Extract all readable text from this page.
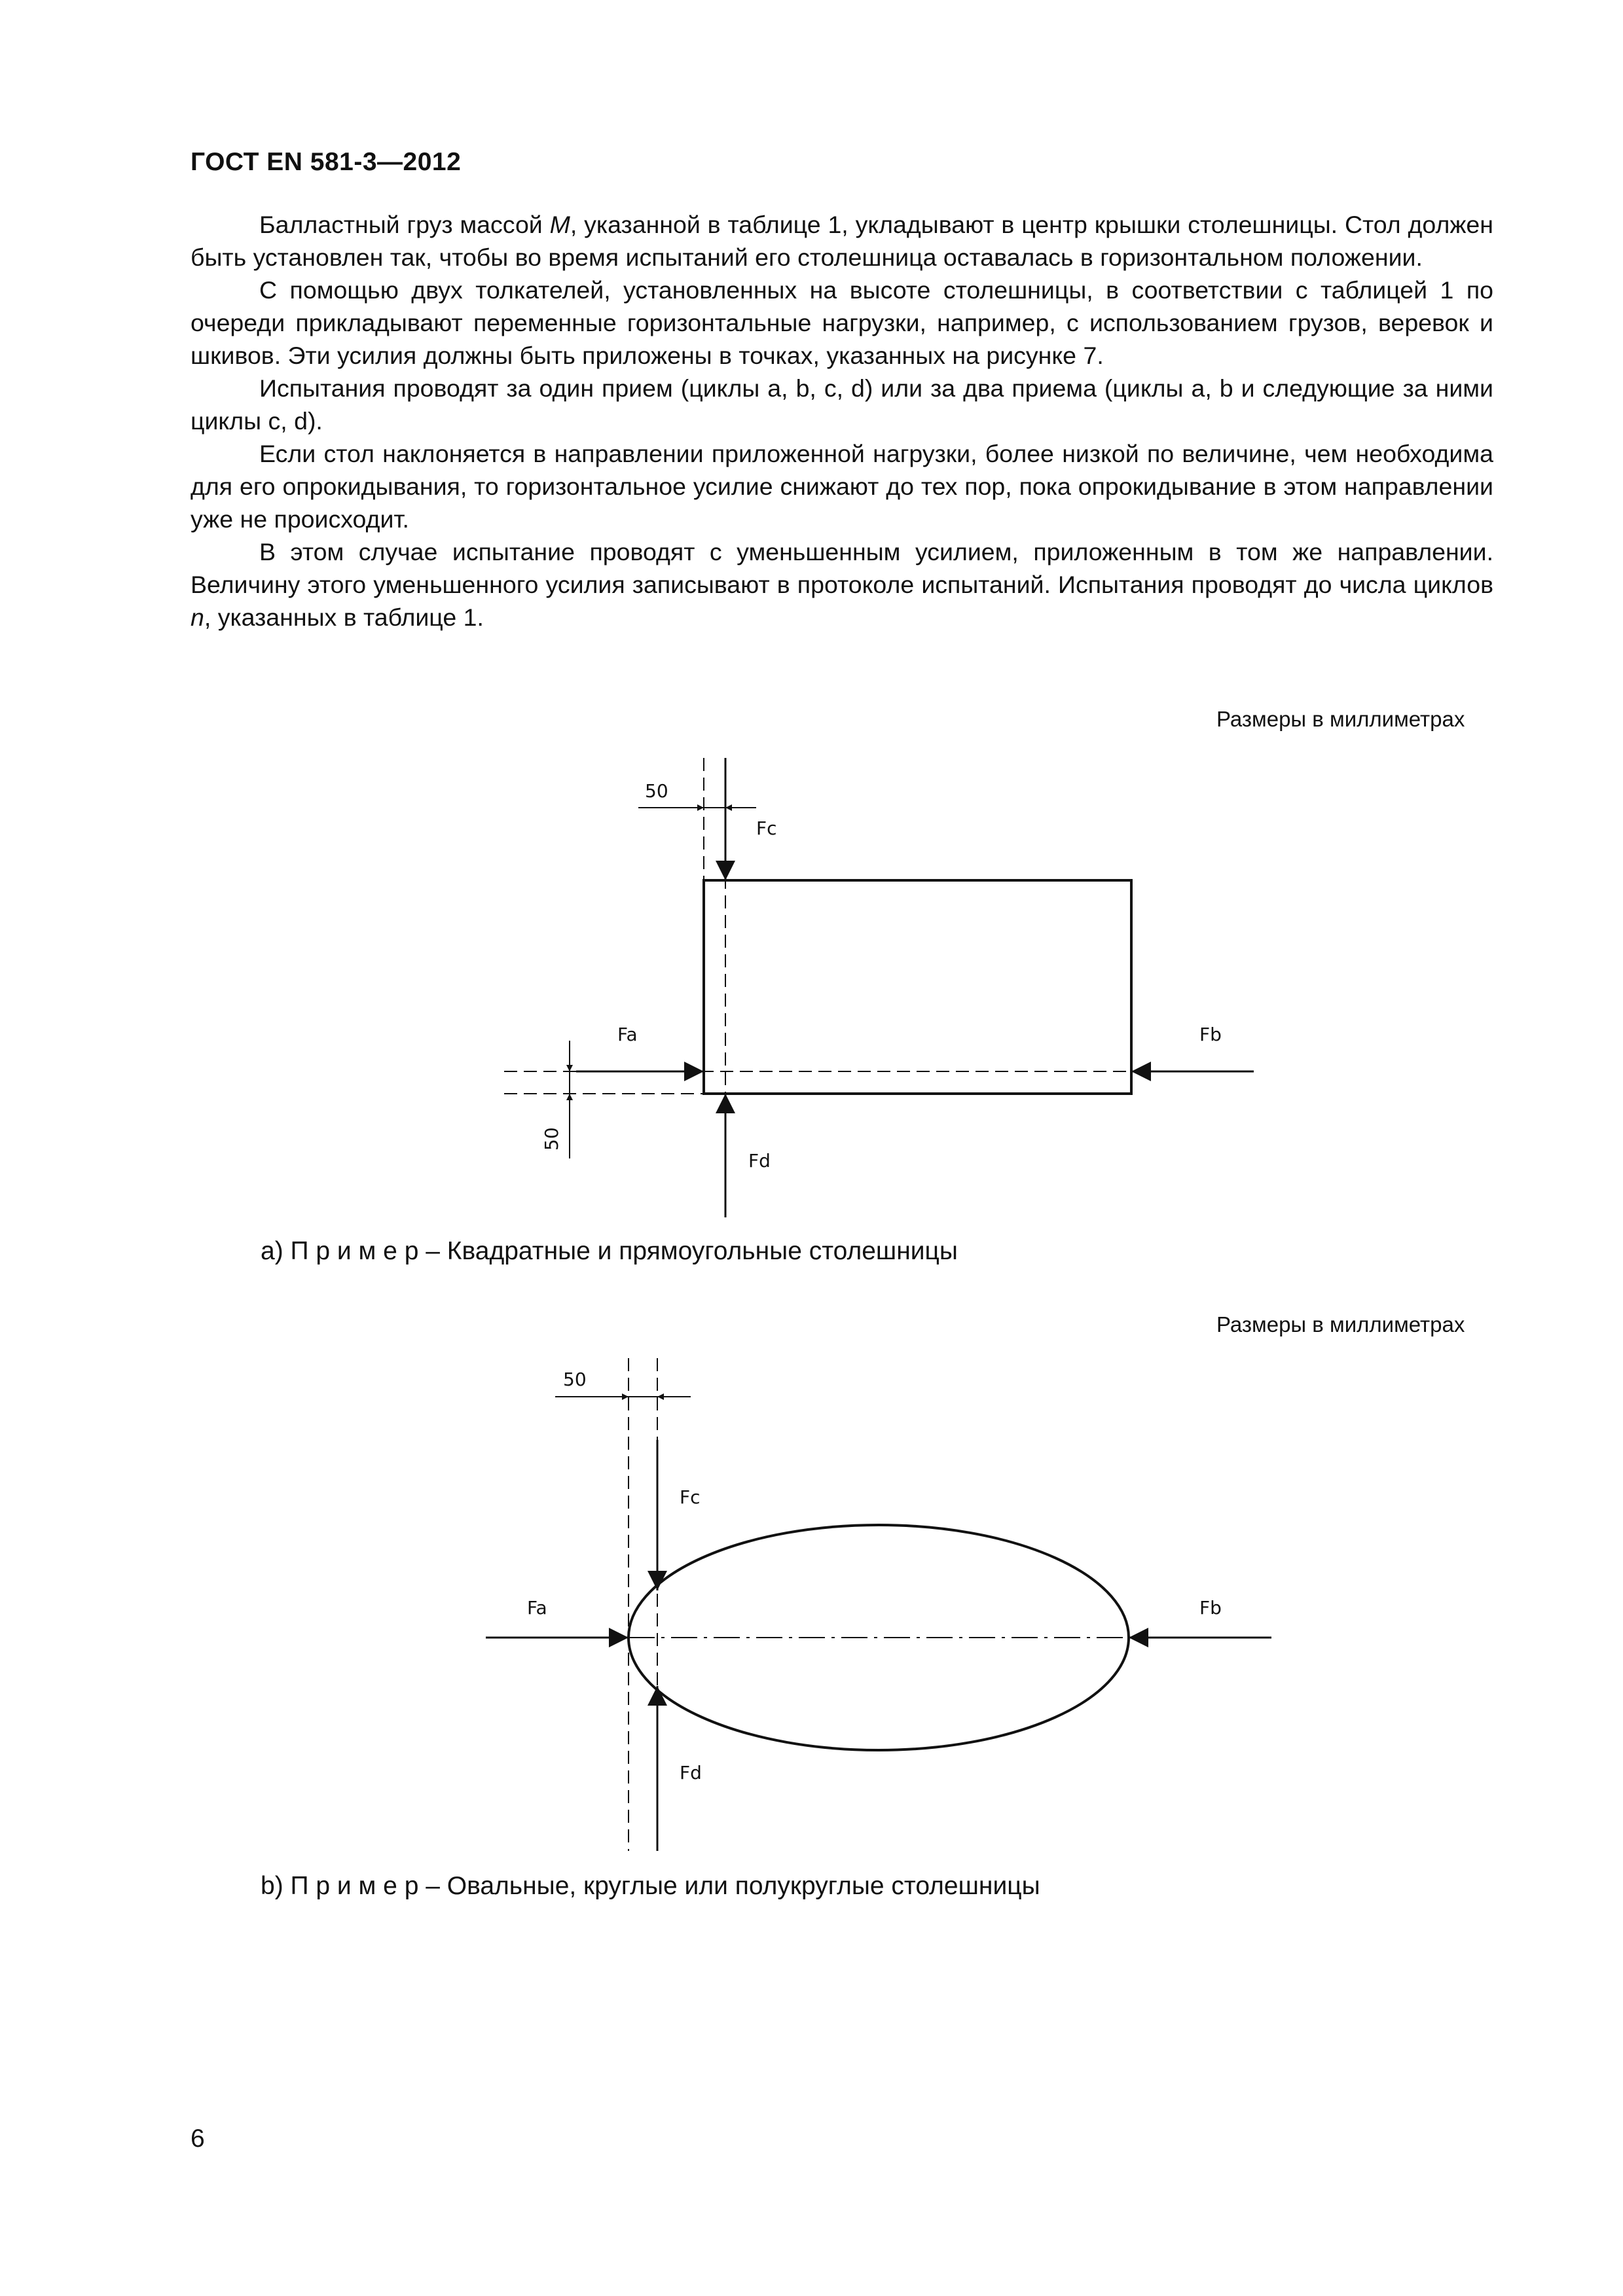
ГОСТ EN 581-3—2012

Балластный груз массой M, указанной в таблице 1, укладывают в центр крышки столешницы. Стол должен быть установлен так, чтобы во время испытаний его столешница оставалась в горизонтальном положении.

С помощью двух толкателей, установленных на высоте столешницы, в соответствии с таблицей 1 по очереди прикладывают переменные горизонтальные нагрузки, например, с использованием грузов, веревок и шкивов. Эти усилия должны быть приложены в точках, указанных на рисунке 7.

Испытания проводят за один прием (циклы a, b, c, d) или за два приема (циклы a, b и следующие за ними циклы c, d).

Если стол наклоняется в направлении приложенной нагрузки, более низкой по величине, чем необходима для его опрокидывания, то горизонтальное усилие снижают до тех пор, пока опрокидывание в этом направлении уже не происходит.

В этом случае испытание проводят с уменьшенным усилием, приложенным в том же направлении. Величину этого уменьшенного усилия записывают в протоколе испытаний. Испытания проводят до числа циклов n, указанных в таблице 1.

Размеры в миллиметрах
50
50
Fc
Fa	Fb
Fd
a) П р и м е р – Квадратные и прямоугольные столешницы
Размеры в миллиметрах
50
Fc
Fa	Fb
Fd
b) П р и м е р – Овальные, круглые или полукруглые столешницы
6
